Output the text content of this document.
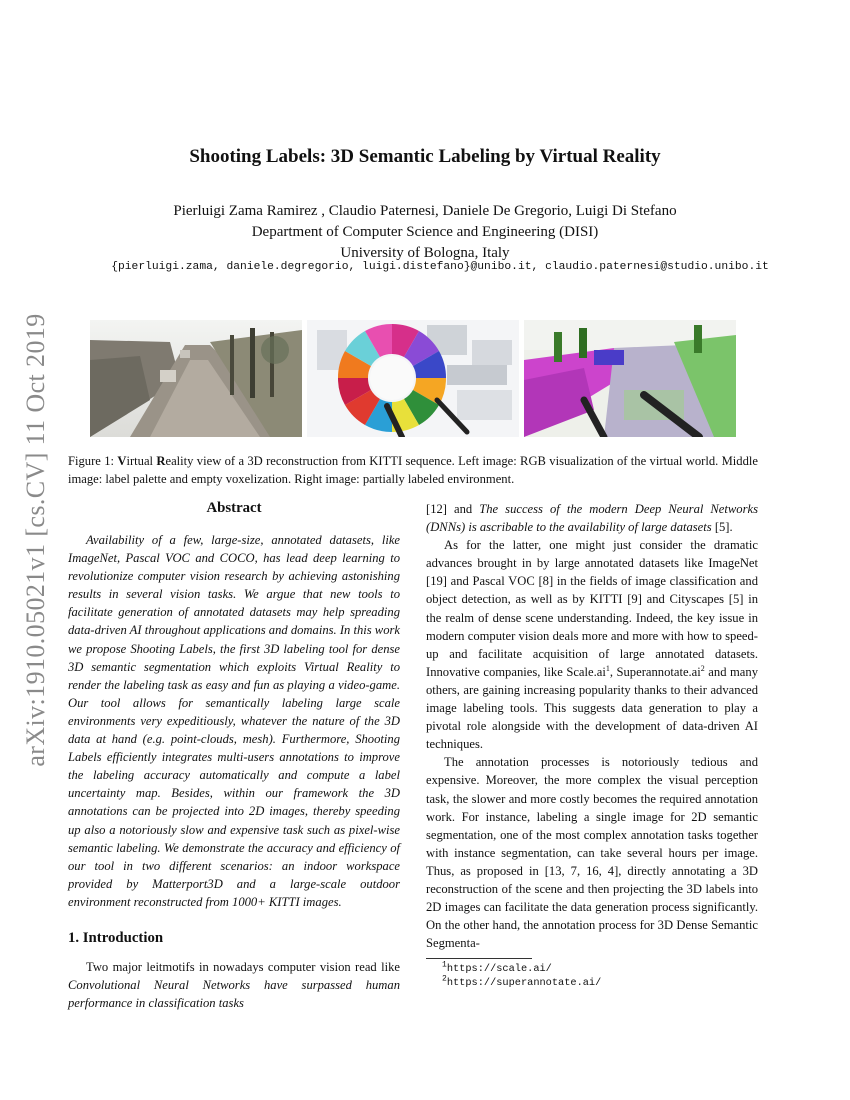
arXiv:1910.05021v1 [cs.CV] 11 Oct 2019
Shooting Labels: 3D Semantic Labeling by Virtual Reality
Pierluigi Zama Ramirez , Claudio Paternesi, Daniele De Gregorio, Luigi Di Stefano
Department of Computer Science and Engineering (DISI)
University of Bologna, Italy
{pierluigi.zama, daniele.degregorio, luigi.distefano}@unibo.it, claudio.paternesi@studio.unibo.it
Figure 1: Virtual Reality view of a 3D reconstruction from KITTI sequence. Left image: RGB visualization of the virtual world. Middle image: label palette and empty voxelization. Right image: partially labeled environment.
Abstract

Availability of a few, large-size, annotated datasets, like ImageNet, Pascal VOC and COCO, has lead deep learning to revolutionize computer vision research by achieving astonishing results in several vision tasks. We argue that new tools to facilitate generation of annotated datasets may help spreading data-driven AI throughout applications and domains. In this work we propose Shooting Labels, the first 3D labeling tool for dense 3D semantic segmentation which exploits Virtual Reality to render the labeling task as easy and fun as playing a video-game. Our tool allows for semantically labeling large scale environments very expeditiously, whatever the nature of the 3D data at hand (e.g. point-clouds, mesh). Furthermore, Shooting Labels efficiently integrates multi-users annotations to improve the labeling accuracy automatically and compute a label uncertainty map. Besides, within our framework the 3D annotations can be projected into 2D images, thereby speeding up also a notoriously slow and expensive task such as pixel-wise semantic labeling. We demonstrate the accuracy and efficiency of our tool in two different scenarios: an indoor workspace provided by Matterport3D and a large-scale outdoor environment reconstructed from 1000+ KITTI images.

1. Introduction

Two major leitmotifs in nowadays computer vision read like Convolutional Neural Networks have surpassed human performance in classification tasks

[12] and The success of the modern Deep Neural Networks (DNNs) is ascribable to the availability of large datasets [5].

As for the latter, one might just consider the dramatic advances brought in by large annotated datasets like ImageNet [19] and Pascal VOC [8] in the fields of image classification and object detection, as well as by KITTI [9] and Cityscapes [5] in the realm of dense scene understanding. Indeed, the key issue in modern computer vision deals more and more with how to speed-up and facilitate acquisition of large annotated datasets. Innovative companies, like $Scale.ai^1$, $Superannotate.ai^2$ and many others, are gaining increasing popularity thanks to their advanced image labeling tools. This suggests data generation to play a pivotal role alongside with the development of data-driven AI techniques.

The annotation processes is notoriously tedious and expensive. Moreover, the more complex the visual perception task, the slower and more costly becomes the required annotation work. For instance, labeling a single image for 2D semantic segmentation, one of the most complex annotation tasks together with instance segmentation, can take several hours per image. Thus, as proposed in [13, 7, 16, 4], directly annotating a 3D reconstruction of the scene and then projecting the 3D labels into 2D images can facilitate the data generation process significantly. On the other hand, the annotation process for 3D Dense Semantic Segmenta-

$^1$https://scale.ai/
$^2$https://superannotate.ai/
